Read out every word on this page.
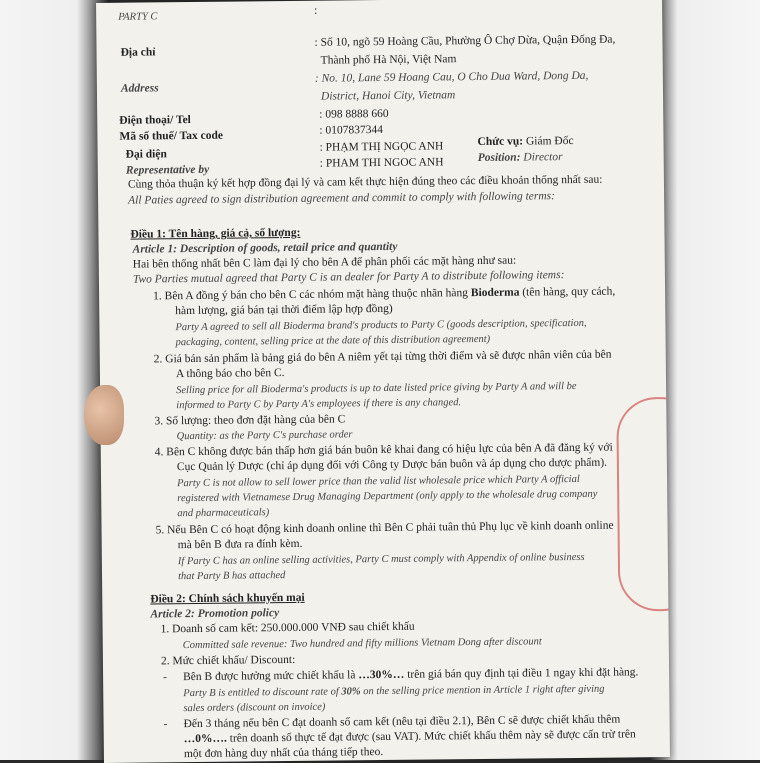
PARTY C
:
Địa chỉ
: Số 10, ngõ 59 Hoàng Cầu, Phường Ô Chợ Dừa, Quận Đống Đa,
Thành phố Hà Nội, Việt Nam
Address
: No. 10, Lane 59 Hoang Cau, O Cho Dua Ward, Dong Da,
District, Hanoi City, Vietnam
Điện thoại/ Tel	: 098 8888 660
Mã số thuế/ Tax code	: 0107837344
Đại diện
: PHẠM THỊ NGỌC ANH	Chức vụ: Giám Đốc
Representative by
: PHAM THI NGOC ANH	Position: Director
Cùng thỏa thuận ký kết hợp đồng đại lý và cam kết thực hiện đúng theo các điều khoản thống nhất sau:
All Paties agreed to sign distribution agreement and commit to comply with following terms:
Điều 1: Tên hàng, giá cả, số lượng:
Article 1: Description of goods, retail price and quantity
Hai bên thống nhất bên C làm đại lý cho bên A để phân phối các mặt hàng như sau:
Two Parties mutual agreed that Party C is an dealer for Party A to distribute following items:
1. Bên A đồng ý bán cho bên C các nhóm mặt hàng thuộc nhãn hàng Bioderma (tên hàng, quy cách,
hàm lượng, giá bán tại thời điểm lập hợp đồng)
Party A agreed to sell all Bioderma brand's products to Party C (goods description, specification,
packaging, content, selling price at the date of this distribution agreement)
2. Giá bán sản phẩm là bảng giá do bên A niêm yết tại từng thời điểm và sẽ được nhân viên của bên
A thông báo cho bên C.
Selling price for all Bioderma's products is up to date listed price giving by Party A and will be
informed to Party C by Party A's employees if there is any changed.
3. Số lượng: theo đơn đặt hàng của bên C
Quantity: as the Party C's purchase order
4. Bên C không được bán thấp hơn giá bán buôn kê khai đang có hiệu lực của bên A đã đăng ký với
Cục Quản lý Dược (chỉ áp dụng đối với Công ty Dược bán buôn và áp dụng cho dược phẩm).
Party C is not allow to sell lower price than the valid list wholesale price which Party A official
registered with Vietnamese Drug Managing Department (only apply to the wholesale drug company
and pharmaceuticals)
5. Nếu Bên C có hoạt động kinh doanh online thì Bên C phải tuân thủ Phụ lục về kinh doanh online
mà bên B đưa ra đính kèm.
If Party C has an online selling activities, Party C must comply with Appendix of online business
that Party B has attached
Điều 2: Chính sách khuyến mại
Article 2: Promotion policy
1. Doanh số cam kết: 250.000.000 VNĐ sau chiết khấu
Committed sale revenue: Two hundred and fifty millions Vietnam Dong after discount
2. Mức chiết khấu/ Discount:
- Bên B được hưởng mức chiết khấu là …30%… trên giá bán quy định tại điều 1 ngay khi đặt hàng.
Party B is entitled to discount rate of 30% on the selling price mention in Article 1 right after giving
sales orders (discount on invoice)
- Đến 3 tháng nếu bên C đạt doanh số cam kết (nêu tại điều 2.1), Bên C sẽ được chiết khấu thêm
…0%…. trên doanh số thực tế đạt được (sau VAT). Mức chiết khấu thêm này sẽ được cấn trừ trên
một đơn hàng duy nhất của tháng tiếp theo.
